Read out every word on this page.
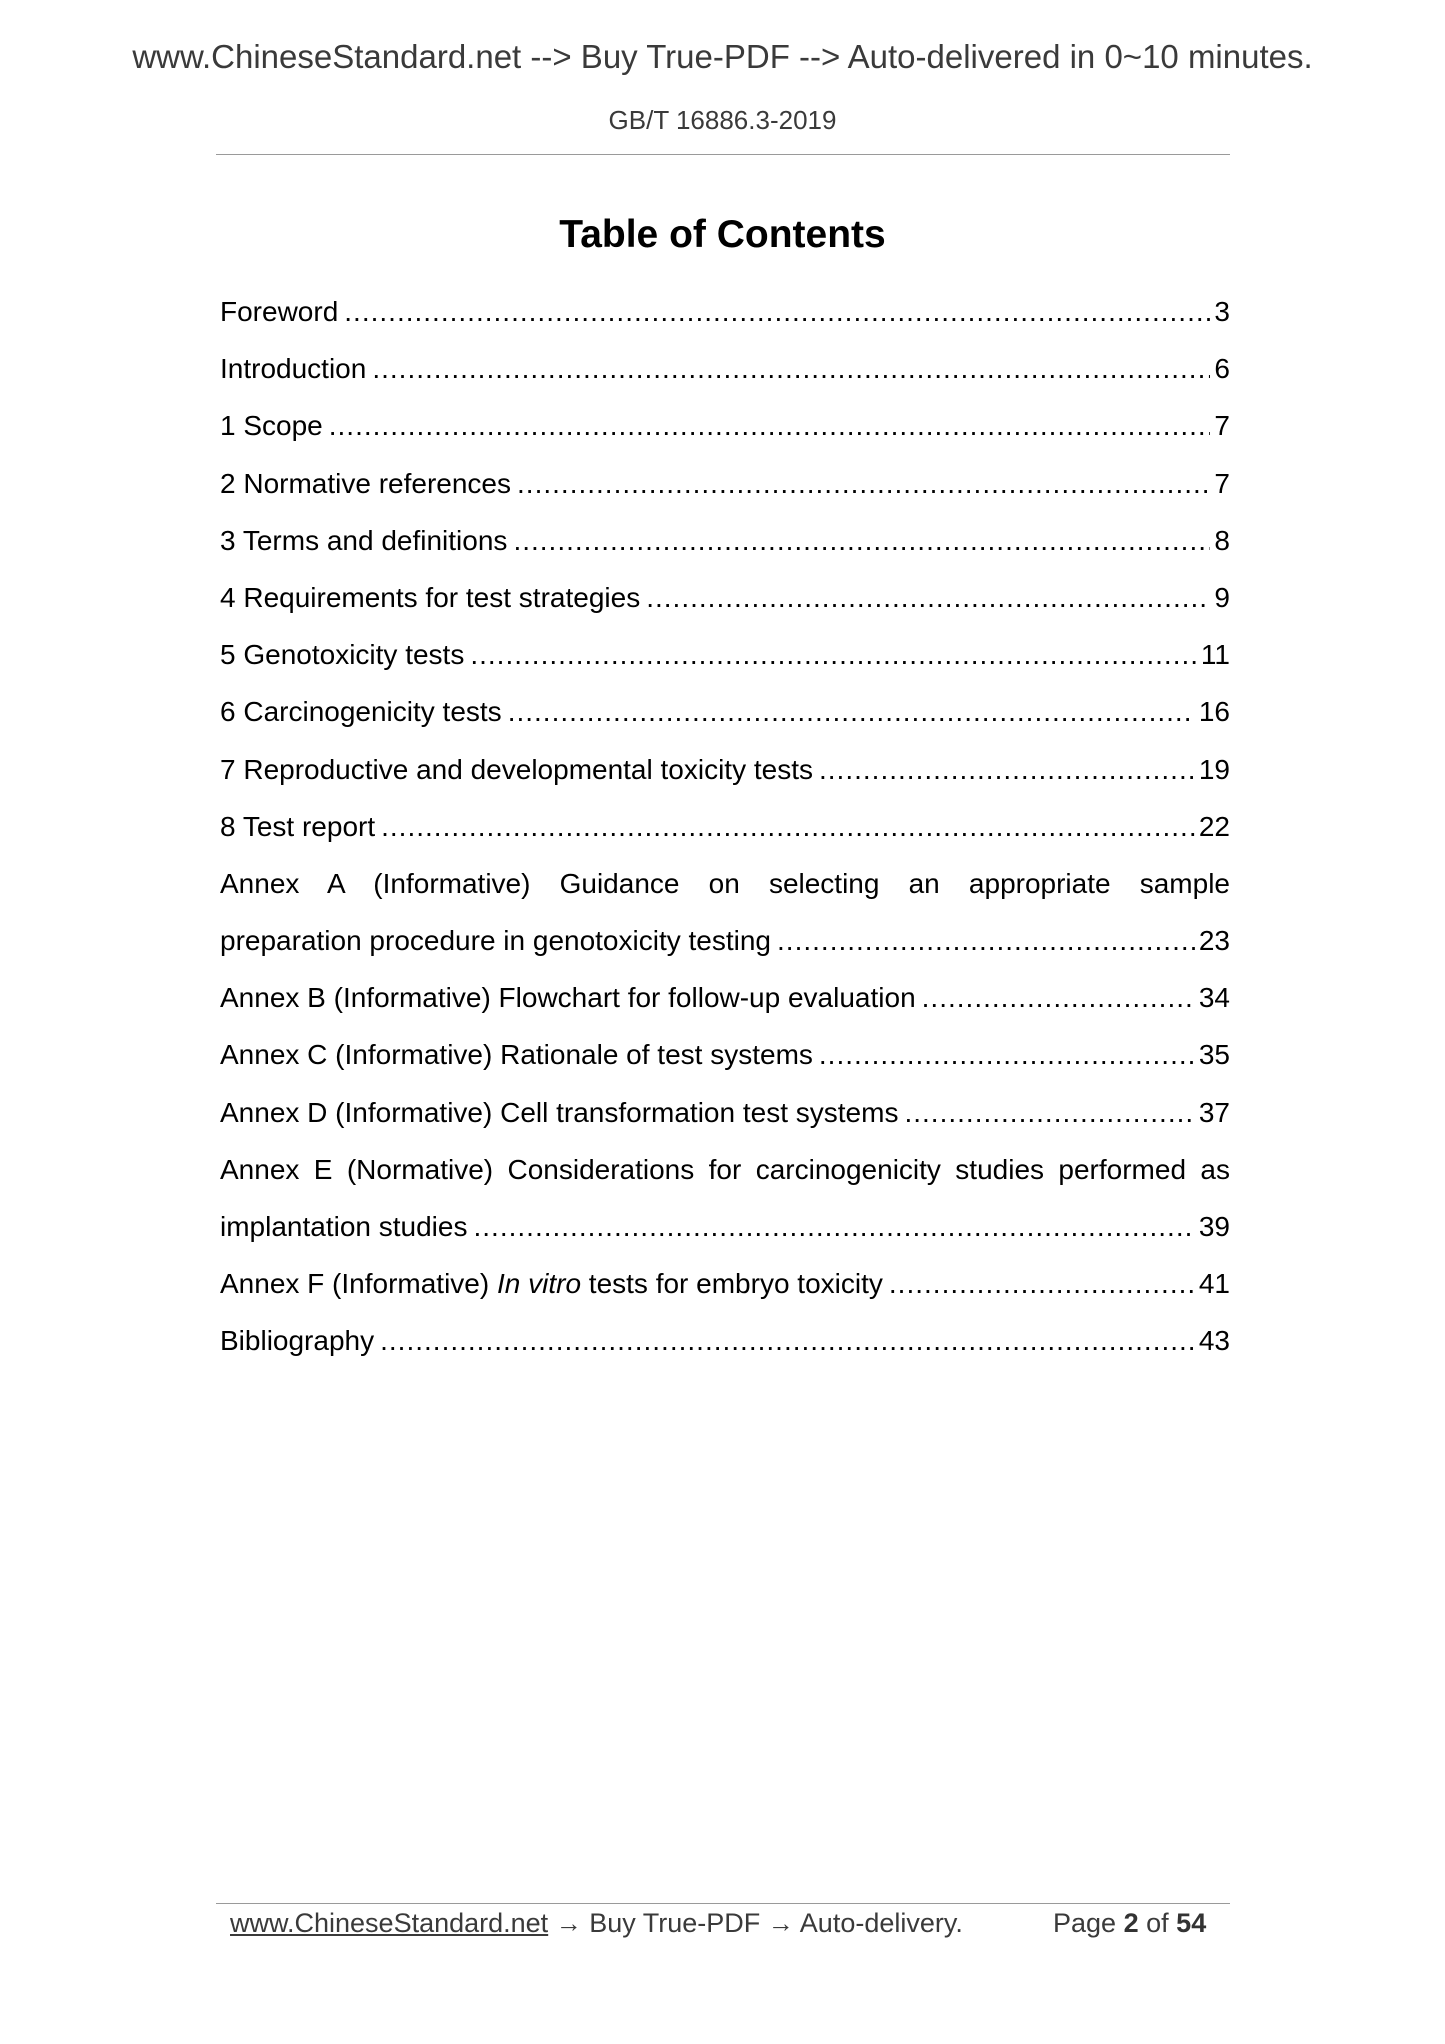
www.ChineseStandard.net --> Buy True-PDF --> Auto-delivered in 0~10 minutes.
GB/T 16886.3-2019
Table of Contents
Foreword .....	3
Introduction .....	6
1 Scope .....	7
2 Normative references .....	7
3 Terms and definitions .....	8
4 Requirements for test strategies .....	9
5 Genotoxicity tests .....	11
6 Carcinogenicity tests .....	16
7 Reproductive and developmental toxicity tests .....	19
8 Test report .....	22
Annex A (Informative) Guidance on selecting an appropriate sample
preparation procedure in genotoxicity testing .....	23
Annex B (Informative) Flowchart for follow-up evaluation .....	34
Annex C (Informative) Rationale of test systems .....	35
Annex D (Informative) Cell transformation test systems .....	37
Annex E (Normative) Considerations for carcinogenicity studies performed as
implantation studies .....	39
Annex F (Informative) In vitro tests for embryo toxicity .....	41
Bibliography .....	43
www.ChineseStandard.net → Buy True-PDF → Auto-delivery.	Page 2 of 54
